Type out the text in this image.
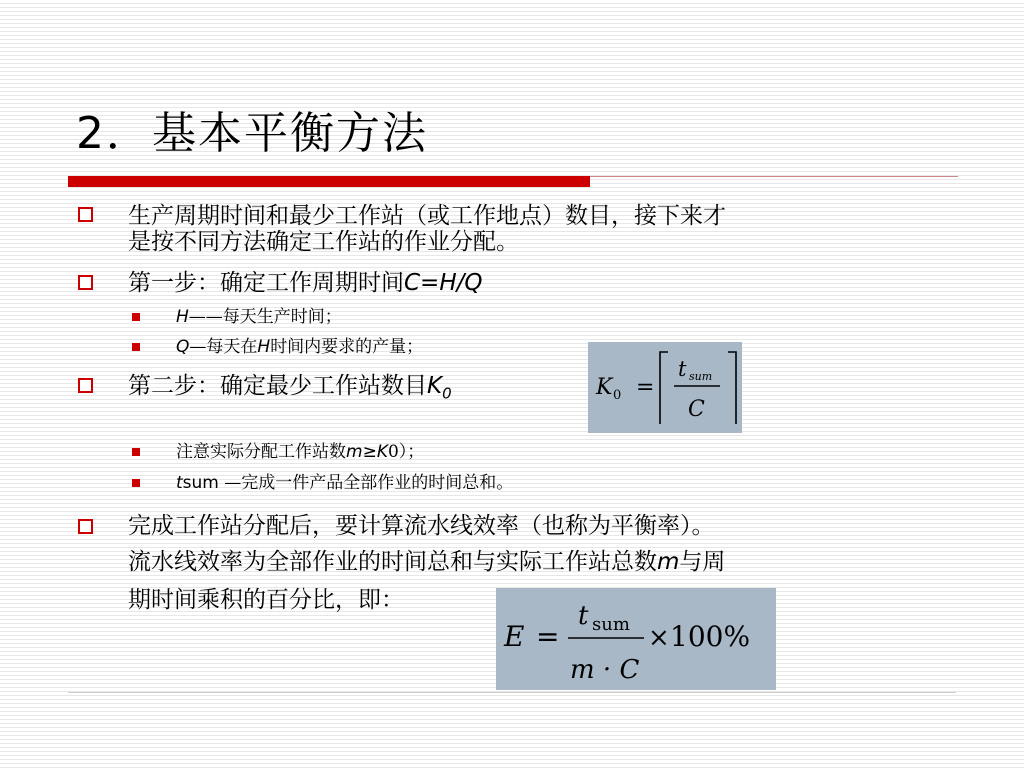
2．基本平衡方法
生产周期时间和最少工作站（或工作地点）数目，接下来才
是按不同方法确定工作站的作业分配。
第一步：确定工作周期时间C=H/Q
H——每天生产时间；
Q—每天在H时间内要求的产量；
第二步：确定最少工作站数目$K_0$	K 0 =
t sum
C
注意实际分配工作站数m≥K0）；
tsum —完成一件产品全部作业的时间总和。
完成工作站分配后，要计算流水线效率（也称为平衡率）。
流水线效率为全部作业的时间总和与实际工作站总数m与周
期时间乘积的百分比，即：
E =
t sum
m · C
× 100%
